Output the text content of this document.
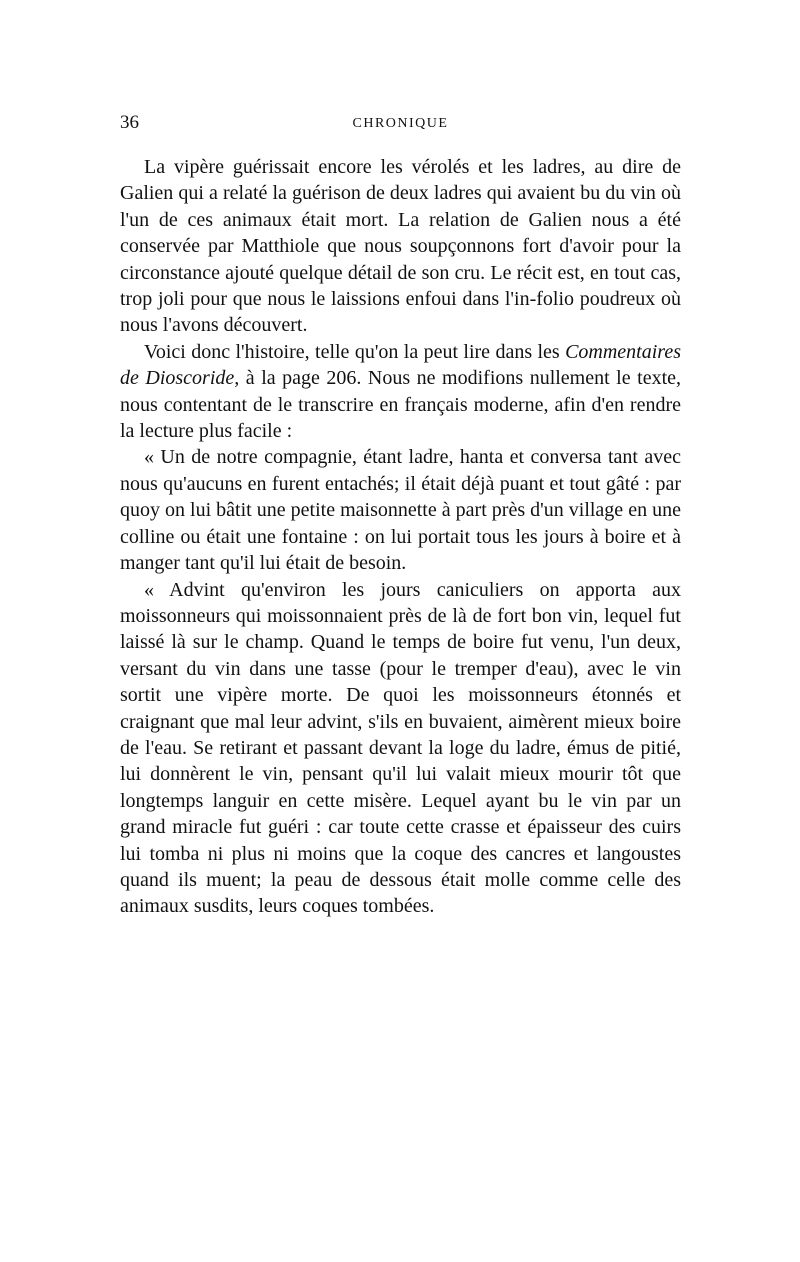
36	CHRONIQUE

La vipère guérissait encore les vérolés et les ladres, au dire de Galien qui a relaté la guérison de deux ladres qui avaient bu du vin où l'un de ces animaux était mort. La relation de Galien nous a été conservée par Matthiole que nous soupçonnons fort d'avoir pour la circonstance ajouté quelque détail de son cru. Le récit est, en tout cas, trop joli pour que nous le laissions enfoui dans l'in-folio poudreux où nous l'avons découvert.

Voici donc l'histoire, telle qu'on la peut lire dans les Commentaires de Dioscoride, à la page 206. Nous ne modifions nullement le texte, nous contentant de le transcrire en français moderne, afin d'en rendre la lecture plus facile :

« Un de notre compagnie, étant ladre, hanta et conversa tant avec nous qu'aucuns en furent entachés; il était déjà puant et tout gâté : par quoy on lui bâtit une petite maisonnette à part près d'un village en une colline ou était une fontaine : on lui portait tous les jours à boire et à manger tant qu'il lui était de besoin.

« Advint qu'environ les jours caniculiers on apporta aux moissonneurs qui moissonnaient près de là de fort bon vin, lequel fut laissé là sur le champ. Quand le temps de boire fut venu, l'un deux, versant du vin dans une tasse (pour le tremper d'eau), avec le vin sortit une vipère morte. De quoi les moissonneurs étonnés et craignant que mal leur advint, s'ils en buvaient, aimèrent mieux boire de l'eau. Se retirant et passant devant la loge du ladre, émus de pitié, lui donnèrent le vin, pensant qu'il lui valait mieux mourir tôt que longtemps languir en cette misère. Lequel ayant bu le vin par un grand miracle fut guéri : car toute cette crasse et épaisseur des cuirs lui tomba ni plus ni moins que la coque des cancres et langoustes quand ils muent; la peau de dessous était molle comme celle des animaux susdits, leurs coques tombées.
